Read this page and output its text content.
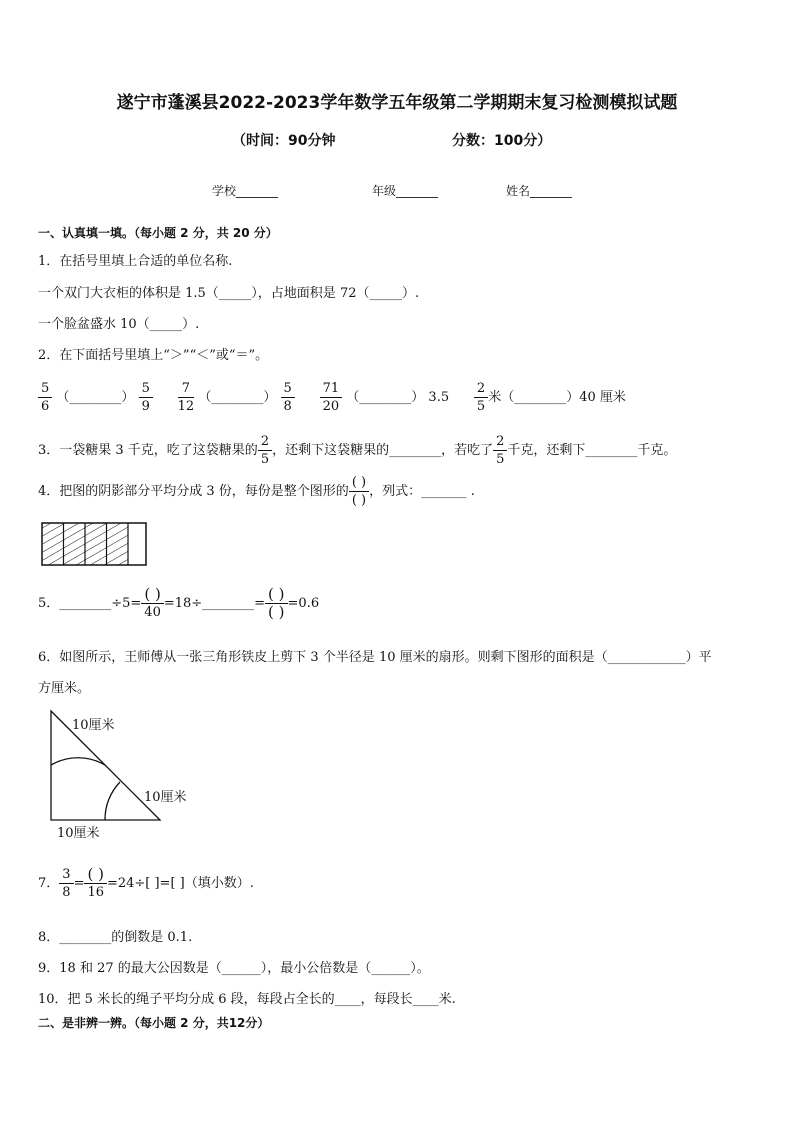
遂宁市蓬溪县2022-2023学年数学五年级第二学期期末复习检测模拟试题
（时间：90分钟	分数：100分）
学校_______	年级_______	姓名_______
一、认真填一填。（每小题 2 分，共 20 分）
1．在括号里填上合适的单位名称.
一个双门大衣柜的体积是 1.5（_____），占地面积是 72（_____）.
一个脸盆盛水 10（_____）.
2．在下面括号里填上“＞”“＜”或“＝”。
$\frac{5}{6}$ （________） $\frac{5}{9}$
$\frac{7}{12}$ （________） $\frac{5}{8}$
$\frac{71}{20}$ （________） $3.5 \frac{2}{5}$ 米（________）40 厘米
3．一袋糖果 3 千克，吃了这袋糖果的 $\frac{2}{5}$ ，还剩下这袋糖果的________，若吃了 $\frac{2}{5}$ 千克，还剩下________千克。
4．把图的阴影部分平均分成 3 份，每份是整个图形的 $\frac{( )}{( )}$ ，列式：_______ .
5．________÷5= $\frac{( )}{40}$ =18÷________= $\frac{( )}{( )} =0.6$
6．如图所示，王师傅从一张三角形铁皮上剪下 3 个半径是 10 厘米的扇形。则剩下图形的面积是（____________）平
方厘米。
10厘米
10厘米
10厘米
7． $\frac{3}{8} = \frac{( )}{16} =24\div$[ ]=[ ]（填小数）.
8．________的倒数是 0.1.
9．18 和 27 的最大公因数是（______），最小公倍数是（______）。
10．把 5 米长的绳子平均分成 6 段，每段占全长的____，每段长____米.
二、是非辨一辨。（每小题 2 分，共12分）
